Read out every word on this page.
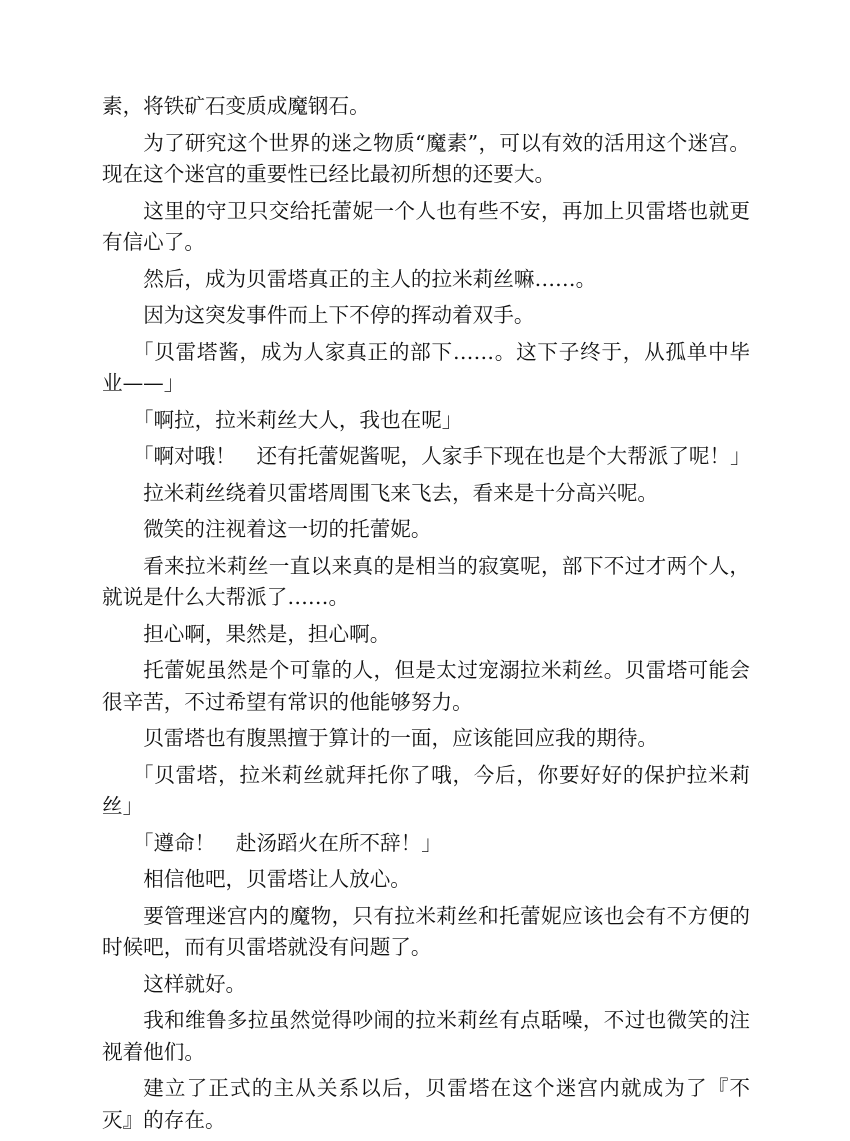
素，将铁矿石变质成魔钢石。

为了研究这个世界的迷之物质“魔素”，可以有效的活用这个迷宫。现在这个迷宫的重要性已经比最初所想的还要大。

这里的守卫只交给托蕾妮一个人也有些不安，再加上贝雷塔也就更有信心了。

然后，成为贝雷塔真正的主人的拉米莉丝嘛……。

因为这突发事件而上下不停的挥动着双手。

「贝雷塔酱，成为人家真正的部下……。这下子终于，从孤单中毕业——」

「啊拉，拉米莉丝大人，我也在呢」

「啊对哦！　还有托蕾妮酱呢，人家手下现在也是个大帮派了呢！」

拉米莉丝绕着贝雷塔周围飞来飞去，看来是十分高兴呢。

微笑的注视着这一切的托蕾妮。

看来拉米莉丝一直以来真的是相当的寂寞呢，部下不过才两个人，就说是什么大帮派了……。

担心啊，果然是，担心啊。

托蕾妮虽然是个可靠的人，但是太过宠溺拉米莉丝。贝雷塔可能会很辛苦，不过希望有常识的他能够努力。

贝雷塔也有腹黑擅于算计的一面，应该能回应我的期待。

「贝雷塔，拉米莉丝就拜托你了哦，今后，你要好好的保护拉米莉丝」

「遵命！　赴汤蹈火在所不辞！」

相信他吧，贝雷塔让人放心。

要管理迷宫内的魔物，只有拉米莉丝和托蕾妮应该也会有不方便的时候吧，而有贝雷塔就没有问题了。

这样就好。

我和维鲁多拉虽然觉得吵闹的拉米莉丝有点聒噪，不过也微笑的注视着他们。

建立了正式的主从关系以后，贝雷塔在这个迷宫内就成为了『不灭』的存在。
